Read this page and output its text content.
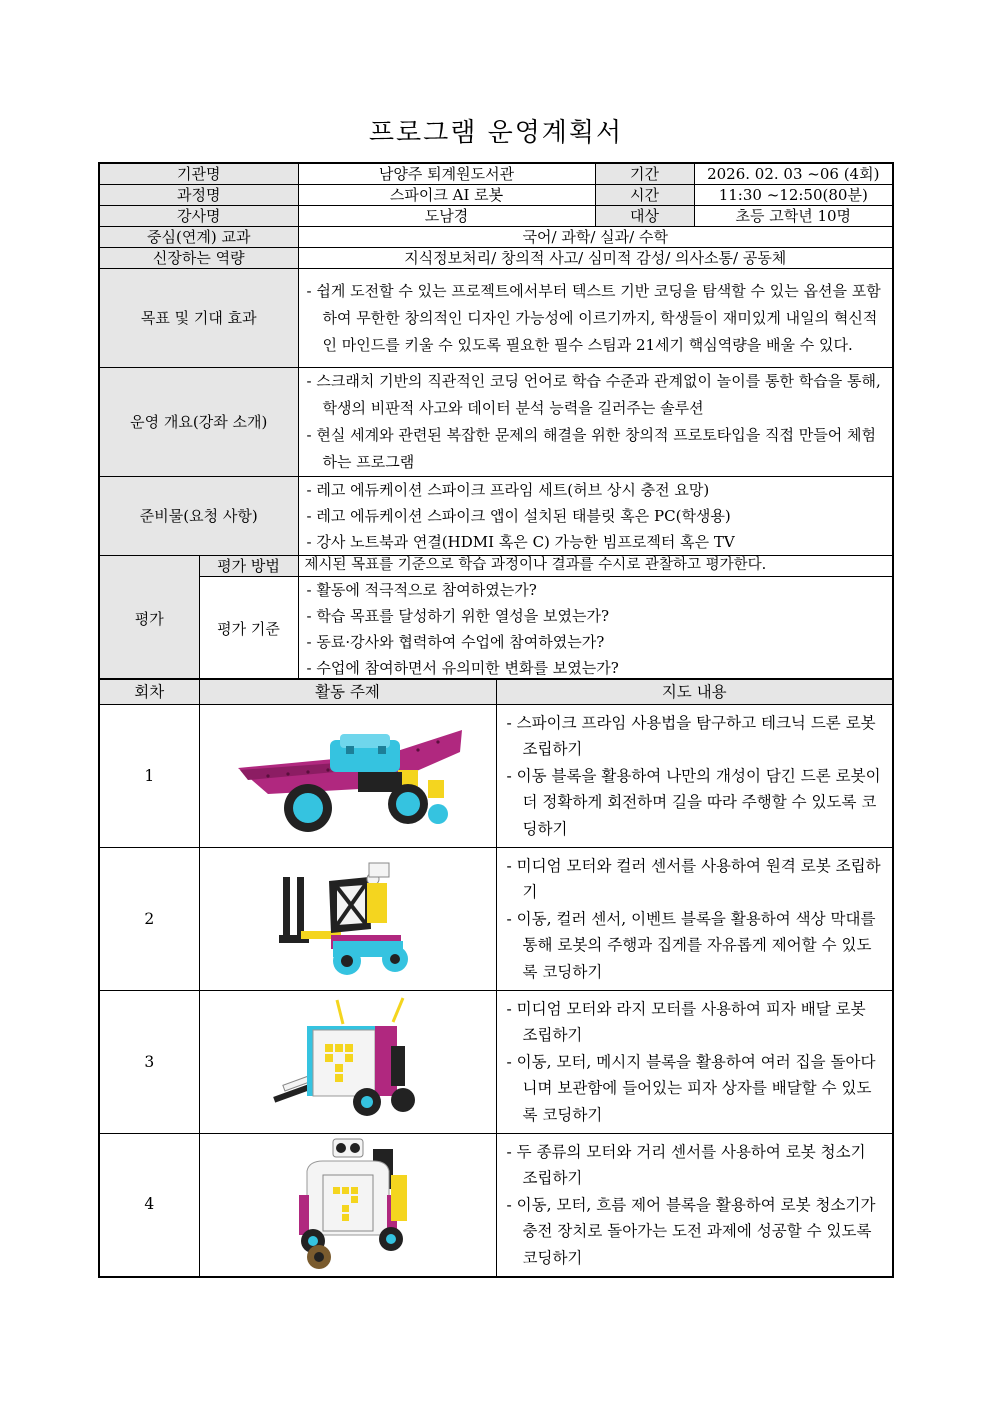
프로그램 운영계획서
기관명		남양주 퇴계원도서관	기간	2026. 02. 03 ~06 (4회)
과정명		스파이크 AI 로봇	시간	11:30 ~12:50(80분)
강사명		도남경	대상	초등 고학년 10명
중심(연계) 교과		국어/ 과학/ 실과/ 수학		
신장하는 역량		지식정보처리/ 창의적 사고/ 심미적 감성/ 의사소통/ 공동체		
목표 및 기대 효과		- 쉽게 도전할 수 있는 프로젝트에서부터 텍스트 기반 코딩을 탐색할 수 있는 옵션을 포함하여 무한한 창의적인 디자인 가능성에 이르기까지, 학생들이 재미있게 내일의 혁신적인 마인드를 키울 수 있도록 필요한 필수 스팀과 21세기 핵심역량을 배울 수 있다.		

운영 개요(강좌 소개)		- 스크래치 기반의 직관적인 코딩 언어로 학습 수준과 관계없이 놀이를 통한 학습을 통해, 학생의 비판적 사고와 데이터 분석 능력을 길러주는 솔루션
- 현실 세계와 관련된 복잡한 문제의 해결을 위한 창의적 프로토타입을 직접 만들어 체험하는 프로그램		

준비물(요청 사항)		- 레고 에듀케이션 스파이크 프라임 세트(허브 상시 충전 요망)
- 레고 에듀케이션 스파이크 앱이 설치된 태블릿 혹은 PC(학생용)
- 강사 노트북과 연결(HDMI 혹은 C) 가능한 빔프로젝터 혹은 TV		

평가	평가 방법	제시된 목표를 기준으로 학습 과정이나 결과를 수시로 관찰하고 평가한다.		
	평가 기준	- 활동에 적극적으로 참여하였는가?
- 학습 목표를 달성하기 위한 열성을 보였는가?
- 동료·강사와 협력하여 수업에 참여하였는가?
- 수업에 참여하면서 유의미한 변화를 보였는가?		
회차	활동 주제	지도 내용
1		- 스파이크 프라임 사용법을 탐구하고 테크닉 드론 로봇 조립하기
- 이동 블록을 활용하여 나만의 개성이 담긴 드론 로봇이 더 정확하게 회전하며 길을 따라 주행할 수 있도록 코딩하기

2		- 미디엄 모터와 컬러 센서를 사용하여 원격 로봇 조립하기
- 이동, 컬러 센서, 이벤트 블록을 활용하여 색상 막대를 통해 로봇의 주행과 집게를 자유롭게 제어할 수 있도록 코딩하기

3		- 미디엄 모터와 라지 모터를 사용하여 피자 배달 로봇 조립하기
- 이동, 모터, 메시지 블록을 활용하여 여러 집을 돌아다니며 보관함에 들어있는 피자 상자를 배달할 수 있도록 코딩하기

4		- 두 종류의 모터와 거리 센서를 사용하여 로봇 청소기 조립하기
- 이동, 모터, 흐름 제어 블록을 활용하여 로봇 청소기가 충전 장치로 돌아가는 도전 과제에 성공할 수 있도록 코딩하기
